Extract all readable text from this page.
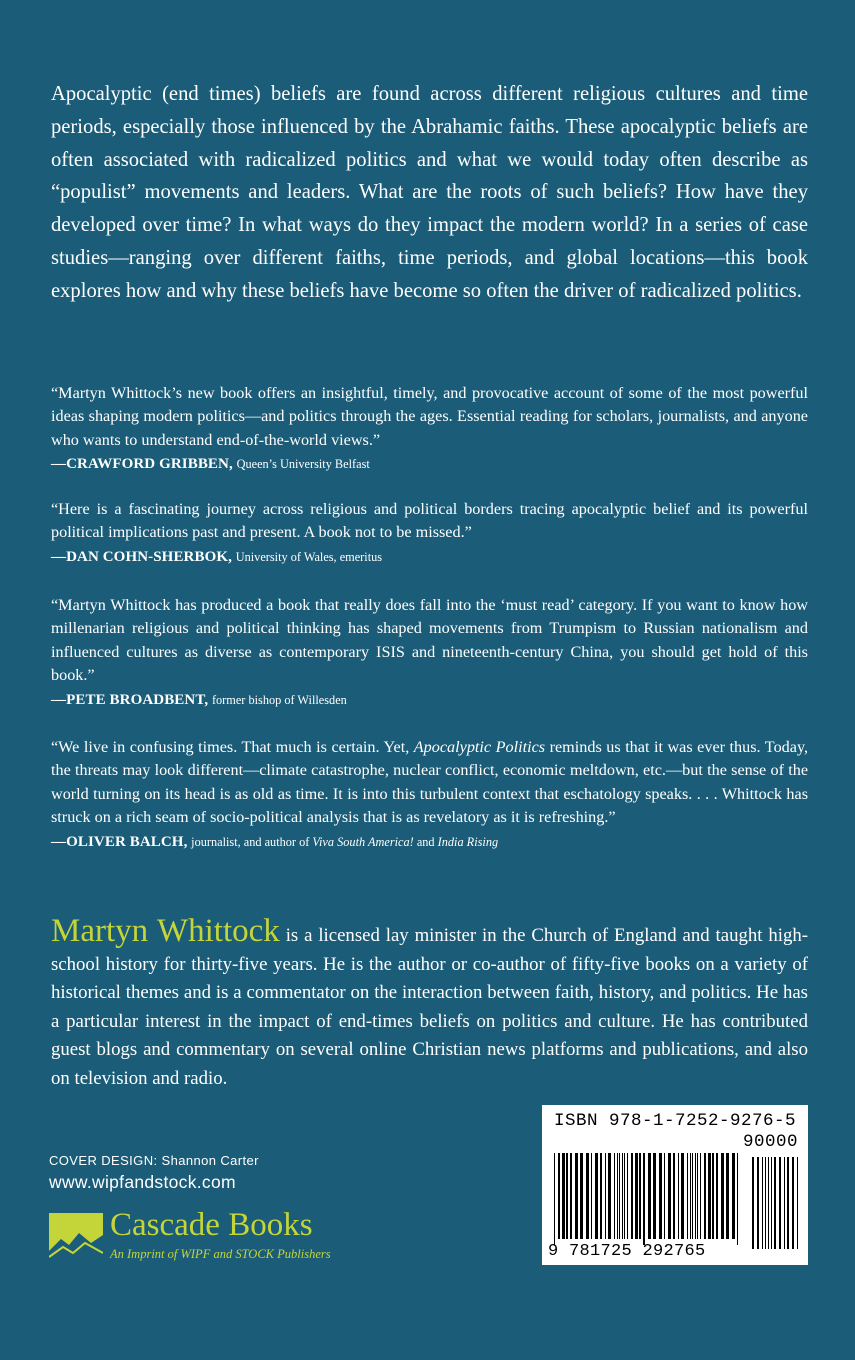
Apocalyptic (end times) beliefs are found across different religious cultures and time periods, especially those influenced by the Abrahamic faiths. These apocalyptic beliefs are often associated with radicalized politics and what we would today often describe as “populist” movements and leaders. What are the roots of such beliefs? How have they developed over time? In what ways do they impact the modern world? In a series of case studies—ranging over different faiths, time periods, and global locations—this book explores how and why these beliefs have become so often the driver of radicalized politics.

“Martyn Whittock’s new book offers an insightful, timely, and provocative account of some of the most powerful ideas shaping modern politics—and politics through the ages. Essential reading for scholars, journalists, and anyone who wants to understand end-of-the-world views.”

—CRAWFORD GRIBBEN, Queen’s University Belfast

“Here is a fascinating journey across religious and political borders tracing apocalyptic belief and its powerful political implications past and present. A book not to be missed.”

—DAN COHN-SHERBOK, University of Wales, emeritus

“Martyn Whittock has produced a book that really does fall into the ‘must read’ category. If you want to know how millenarian religious and political thinking has shaped movements from Trumpism to Russian nationalism and influenced cultures as diverse as contemporary ISIS and nineteenth-century China, you should get hold of this book.”

—PETE BROADBENT, former bishop of Willesden

“We live in confusing times. That much is certain. Yet, Apocalyptic Politics reminds us that it was ever thus. Today, the threats may look different—climate catastrophe, nuclear conflict, economic meltdown, etc.—but the sense of the world turning on its head is as old as time. It is into this turbulent context that eschatology speaks. . . . Whittock has struck on a rich seam of socio-political analysis that is as revelatory as it is refreshing.”

—OLIVER BALCH, journalist, and author of Viva South America! and India Rising

Martyn Whittock is a licensed lay minister in the Church of England and taught high-school history for thirty-five years. He is the author or co-author of fifty-five books on a variety of historical themes and is a commentator on the interaction between faith, history, and politics. He has a particular interest in the impact of end-times beliefs on politics and culture. He has contributed guest blogs and commentary on several online Christian news platforms and publications, and also on television and radio.

COVER DESIGN: Shannon Carter
www.wipfandstock.com
Cascade Books
An Imprint of WIPF and STOCK Publishers
ISBN 978-1-7252-9276-5
90000
9 781725 292765
